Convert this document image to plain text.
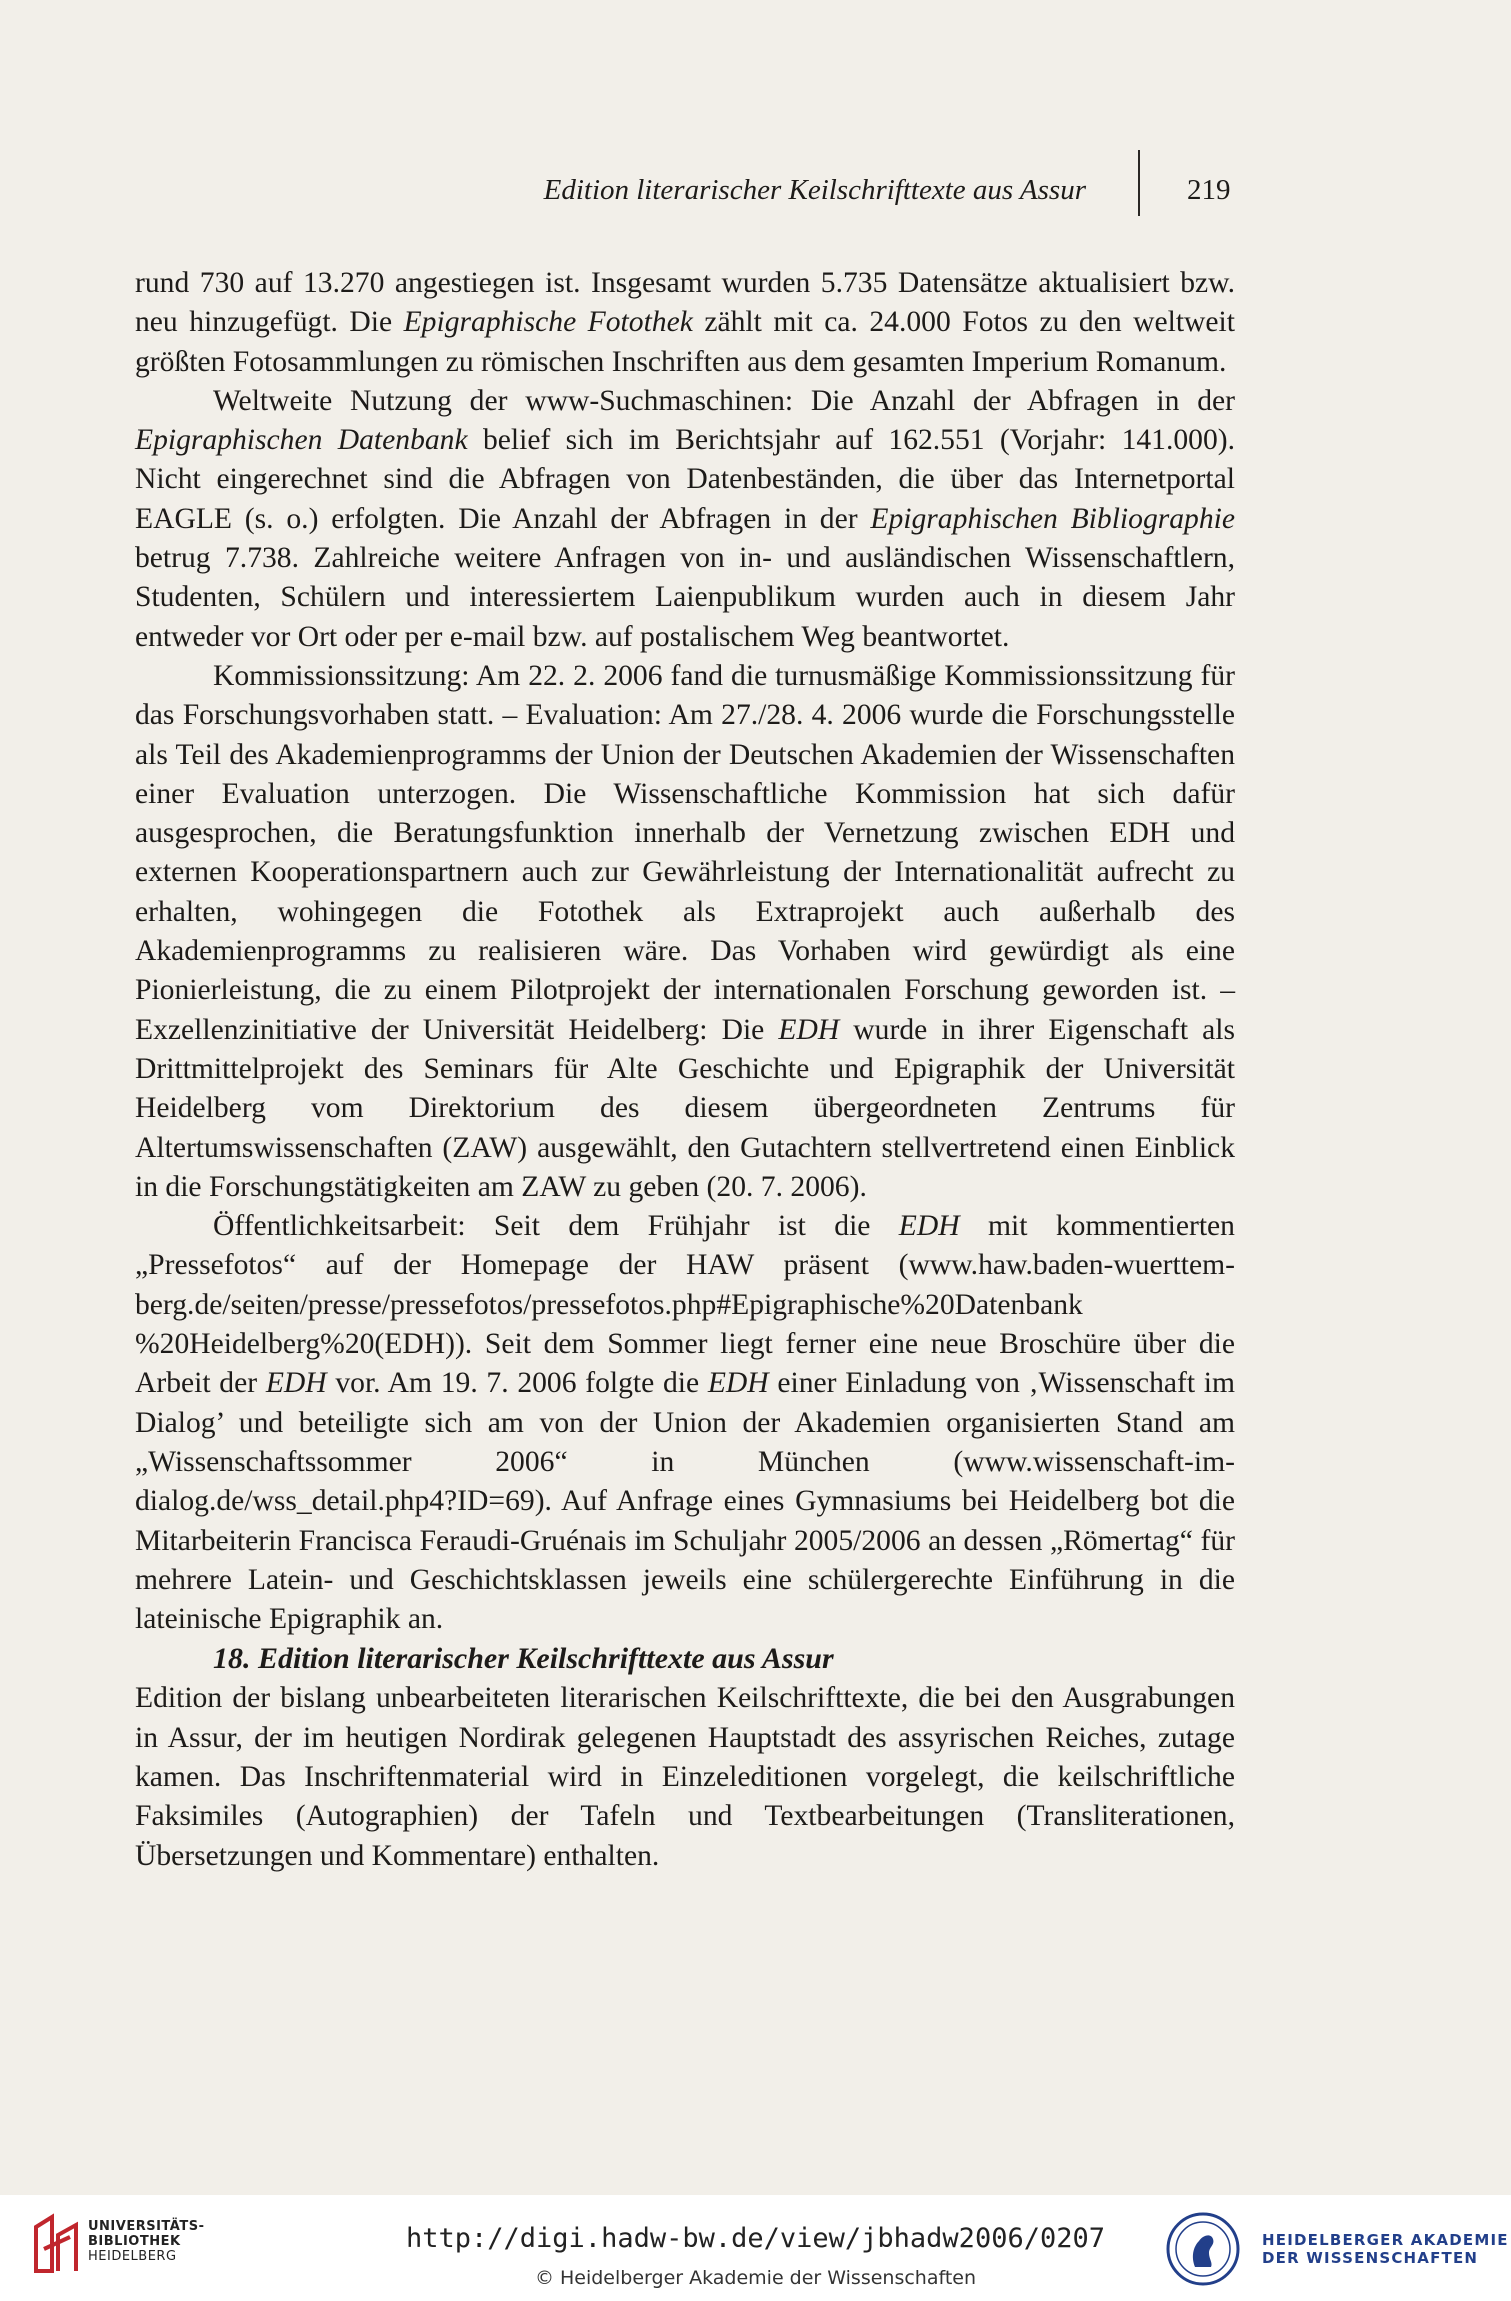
Edition literarischer Keilschrifttexte aus Assur	219

rund 730 auf 13.270 angestiegen ist. Insgesamt wurden 5.735 Datensätze aktualisiert bzw. neu hinzugefügt. Die Epigraphische Fotothek zählt mit ca. 24.000 Fotos zu den weltweit größten Fotosammlungen zu römischen Inschriften aus dem gesamten Imperium Romanum.

Weltweite Nutzung der www-Suchmaschinen: Die Anzahl der Abfragen in der Epigraphischen Datenbank belief sich im Berichtsjahr auf 162.551 (Vorjahr: 141.000). Nicht eingerechnet sind die Abfragen von Datenbeständen, die über das Internetportal EAGLE (s. o.) erfolgten. Die Anzahl der Abfragen in der Epigraphischen Bibliographie betrug 7.738. Zahlreiche weitere Anfragen von in- und ausländischen Wissenschaftlern, Studenten, Schülern und interessiertem Laienpublikum wurden auch in diesem Jahr entweder vor Ort oder per e-mail bzw. auf postalischem Weg beantwortet.

Kommissionssitzung: Am 22. 2. 2006 fand die turnusmäßige Kommissionssitzung für das Forschungsvorhaben statt. – Evaluation: Am 27./28. 4. 2006 wurde die Forschungsstelle als Teil des Akademienprogramms der Union der Deutschen Akademien der Wissenschaften einer Evaluation unterzogen. Die Wissenschaftliche Kommission hat sich dafür ausgesprochen, die Beratungsfunktion innerhalb der Vernetzung zwischen EDH und externen Kooperationspartnern auch zur Gewährleistung der Internationalität aufrecht zu erhalten, wohingegen die Fotothek als Extraprojekt auch außerhalb des Akademienprogramms zu realisieren wäre. Das Vorhaben wird gewürdigt als eine Pionierleistung, die zu einem Pilotprojekt der internationalen Forschung geworden ist. – Exzellenzinitiative der Universität Heidelberg: Die EDH wurde in ihrer Eigenschaft als Drittmittelprojekt des Seminars für Alte Geschichte und Epigraphik der Universität Heidelberg vom Direktorium des diesem übergeordneten Zentrums für Altertumswissenschaften (ZAW) ausgewählt, den Gutachtern stellvertretend einen Einblick in die Forschungstätigkeiten am ZAW zu geben (20. 7. 2006).

Öffentlichkeitsarbeit: Seit dem Frühjahr ist die EDH mit kommentierten „Pressefotos“ auf der Homepage der HAW präsent (www.haw.baden-wuerttemberg.de/seiten/presse/pressefotos/pressefotos.php#Epigraphische%20Datenbank %20Heidelberg%20(EDH)). Seit dem Sommer liegt ferner eine neue Broschüre über die Arbeit der EDH vor. Am 19. 7. 2006 folgte die EDH einer Einladung von ‚Wissenschaft im Dialog’ und beteiligte sich am von der Union der Akademien organisierten Stand am „Wissenschaftssommer 2006“ in München (www.wissenschaft-im-dialog.de/wss_detail.php4?ID=69). Auf Anfrage eines Gymnasiums bei Heidelberg bot die Mitarbeiterin Francisca Feraudi-Gruénais im Schuljahr 2005/2006 an dessen „Römertag“ für mehrere Latein- und Geschichtsklassen jeweils eine schülergerechte Einführung in die lateinische Epigraphik an.

18. Edition literarischer Keilschrifttexte aus Assur

Edition der bislang unbearbeiteten literarischen Keilschrifttexte, die bei den Ausgrabungen in Assur, der im heutigen Nordirak gelegenen Hauptstadt des assyrischen Reiches, zutage kamen. Das Inschriftenmaterial wird in Einzeleditionen vorgelegt, die keilschriftliche Faksimiles (Autographien) der Tafeln und Textbearbeitungen (Transliterationen, Übersetzungen und Kommentare) enthalten.

UNIVERSITÄTS-
BIBLIOTHEK
HEIDELBERG
http://digi.hadw-bw.de/view/jbhadw2006/0207
© Heidelberger Akademie der Wissenschaften
HEIDELBERGER AKADEMIE
DER WISSENSCHAFTEN
